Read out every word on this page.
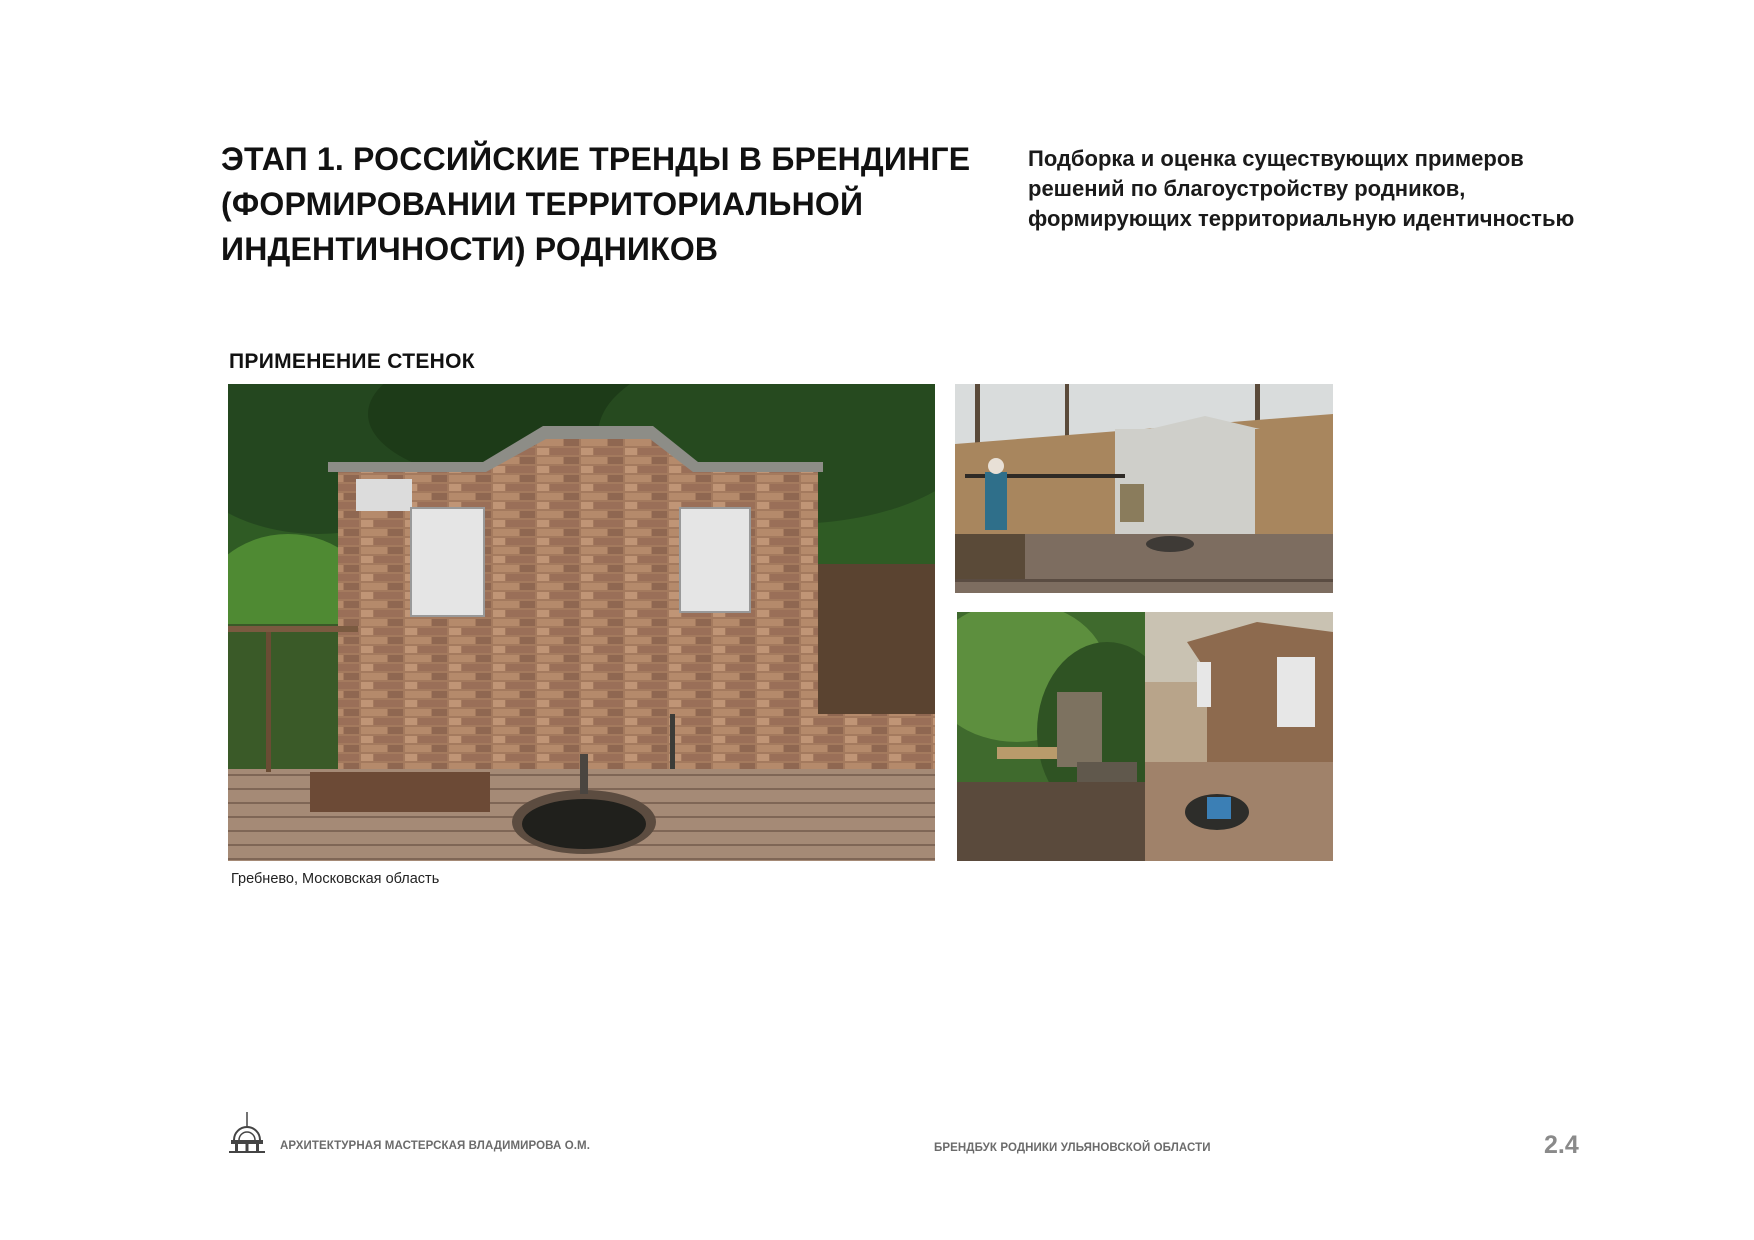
ЭТАП 1. РОССИЙСКИЕ ТРЕНДЫ В БРЕНДИНГЕ
(ФОРМИРОВАНИИ ТЕРРИТОРИАЛЬНОЙ
ИНДЕНТИЧНОСТИ) РОДНИКОВ

Подборка и оценка существующих примеров
решений по благоустройству родников,
формирующих территориальную идентичностью

ПРИМЕНЕНИЕ СТЕНОК
Гребнево, Московская область
АРХИТЕКТУРНАЯ МАСТЕРСКАЯ ВЛАДИМИРОВА О.М.	БРЕНДБУК РОДНИКИ УЛЬЯНОВСКОЙ ОБЛАСТИ	2.4
